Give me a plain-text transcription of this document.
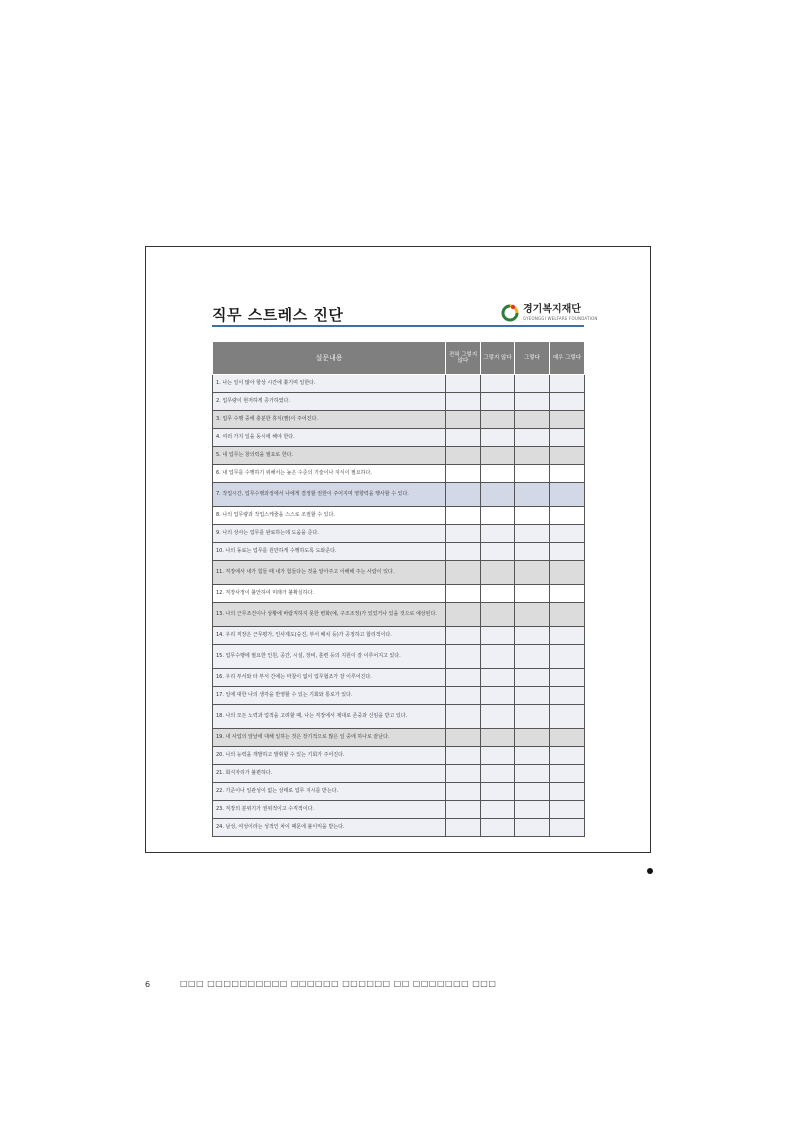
직무 스트레스 진단	경기복지재단
GYEONGGI WELFARE FOUNDATION
설문내용	전혀 그렇지 않다	그렇지 않다	그렇다	매우 그렇다
1. 나는 일이 많아 항상 시간에 쫓기며 일한다.				
2. 업무량이 현저하게 증가하였다.				
3. 업무 수행 중에 충분한 휴식(짬)이 주어진다.				
4. 여러 가지 일을 동시에 해야 한다.				
5. 내 업무는 창의력을 필요로 한다.				
6. 내 업무를 수행하기 위해서는 높은 수준의 기술이나 지식이 필요하다.				
7. 작업시간, 업무수행과정에서 나에게 결정할 권한이 주어지며 영향력을 행사할 수 있다.				
8. 나의 업무량과 작업스케줄을 스스로 조절할 수 있다.				
9. 나의 상사는 업무를 완료하는데 도움을 준다.				
10. 나의 동료는 업무를 원만하게 수행하도록 도와준다.				
11. 직장에서 내가 힘들 때 내가 힘들다는 것을 알아주고 이해해 주는 사람이 있다.				
12. 직장사정이 불안하여 미래가 불확실하다.				
13. 나의 근무조건이나 상황에 바람직하지 못한 변화(예, 구조조정)가 있었거나 있을 것으로 예상된다.				
14. 우리 직장은 근무평가, 인사제도(승진, 부서 배치 등)가 공정하고 합리적이다.				
15. 업무수행에 필요한 인원, 공간, 시설, 장비, 훈련 등의 지원이 잘 이루어지고 있다.				
16. 우리 부서와 타 부서 간에는 마찰이 없이 업무협조가 잘 이루어진다.				
17. 일에 대한 나의 생각을 반영할 수 있는 기회와 통로가 있다.				
18. 나의 모든 노력과 업적을 고려할 때, 나는 직장에서 제대로 존중과 신임을 받고 있다.				
19. 내 사업의 앞날에 대해 일하는 것은 장기적으로 많은 일 중에 하나로 끝난다.				
20. 나의 능력을 개발하고 발휘할 수 있는 기회가 주어진다.				
21. 회식자리가 불편하다.				
22. 기준이나 일관성이 없는 상태로 업무 지시를 받는다.				
23. 직장의 분위기가 권위적이고 수직적이다.				
24. 남성, 여성이라는 성적인 차이 때문에 불이익을 받는다.				
6	□□□ □□□□□□□□□□ □□□□□□ □□□□□□ □□ □□□□□□□ □□□
